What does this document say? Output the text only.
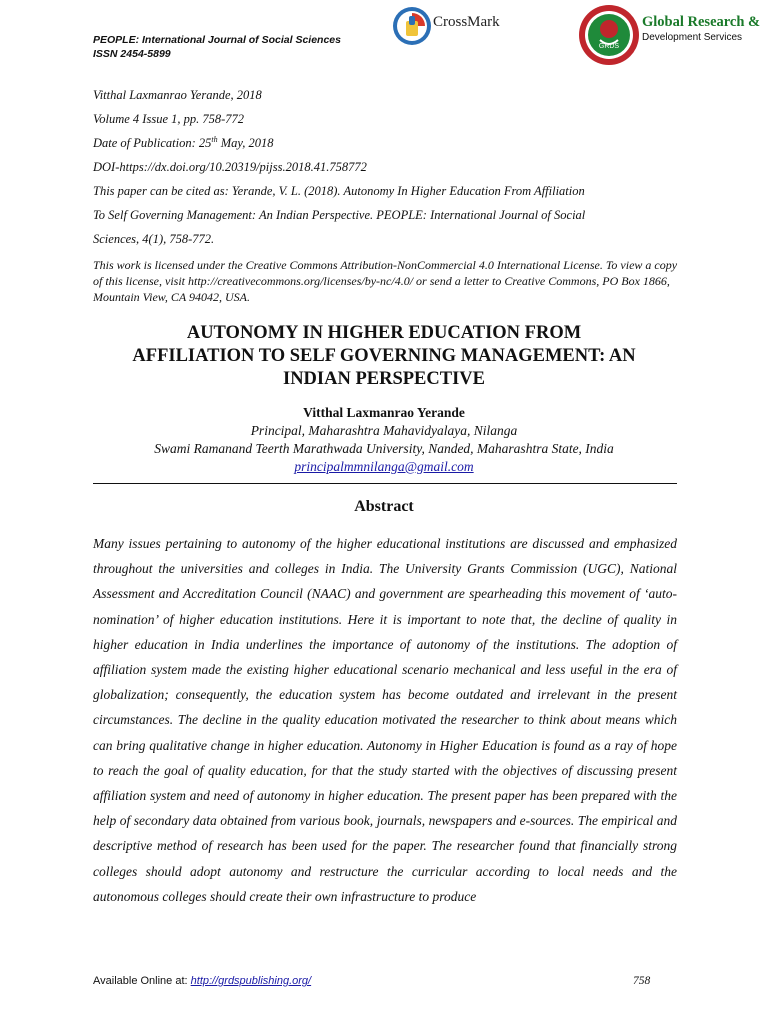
PEOPLE: International Journal of Social Sciences
ISSN 2454-5899
CrossMark
GRDS
Global Research &
Development Services
Vitthal Laxmanrao Yerande, 2018
Volume 4 Issue 1, pp. 758-772
Date of Publication: 25th May, 2018
DOI-https://dx.doi.org/10.20319/pijss.2018.41.758772
This paper can be cited as: Yerande, V. L. (2018). Autonomy In Higher Education From Affiliation
To Self Governing Management: An Indian Perspective. PEOPLE: International Journal of Social
Sciences, 4(1), 758-772.
This work is licensed under the Creative Commons Attribution-NonCommercial 4.0 International License. To view a copy of this license, visit http://creativecommons.org/licenses/by-nc/4.0/ or send a letter to Creative Commons, PO Box 1866, Mountain View, CA 94042, USA.
AUTONOMY IN HIGHER EDUCATION FROM
AFFILIATION TO SELF GOVERNING MANAGEMENT: AN
INDIAN PERSPECTIVE
Vitthal Laxmanrao Yerande
Principal, Maharashtra Mahavidyalaya, Nilanga
Swami Ramanand Teerth Marathwada University, Nanded, Maharashtra State, India
principalmmnilanga@gmail.com
Abstract
Many issues pertaining to autonomy of the higher educational institutions are discussed and emphasized throughout the universities and colleges in India. The University Grants Commission (UGC), National Assessment and Accreditation Council (NAAC) and government are spearheading this movement of ‘auto-nomination’ of higher education institutions. Here it is important to note that, the decline of quality in higher education in India underlines the importance of autonomy of the institutions. The adoption of affiliation system made the existing higher educational scenario mechanical and less useful in the era of globalization; consequently, the education system has become outdated and irrelevant in the present circumstances. The decline in the quality education motivated the researcher to think about means which can bring qualitative change in higher education. Autonomy in Higher Education is found as a ray of hope to reach the goal of quality education, for that the study started with the objectives of discussing present affiliation system and need of autonomy in higher education. The present paper has been prepared with the help of secondary data obtained from various book, journals, newspapers and e-sources. The empirical and descriptive method of research has been used for the paper. The researcher found that financially strong colleges should adopt autonomy and restructure the curricular according to local needs and the autonomous colleges should create their own infrastructure to produce
Available Online at: http://grdspublishing.org/	758
